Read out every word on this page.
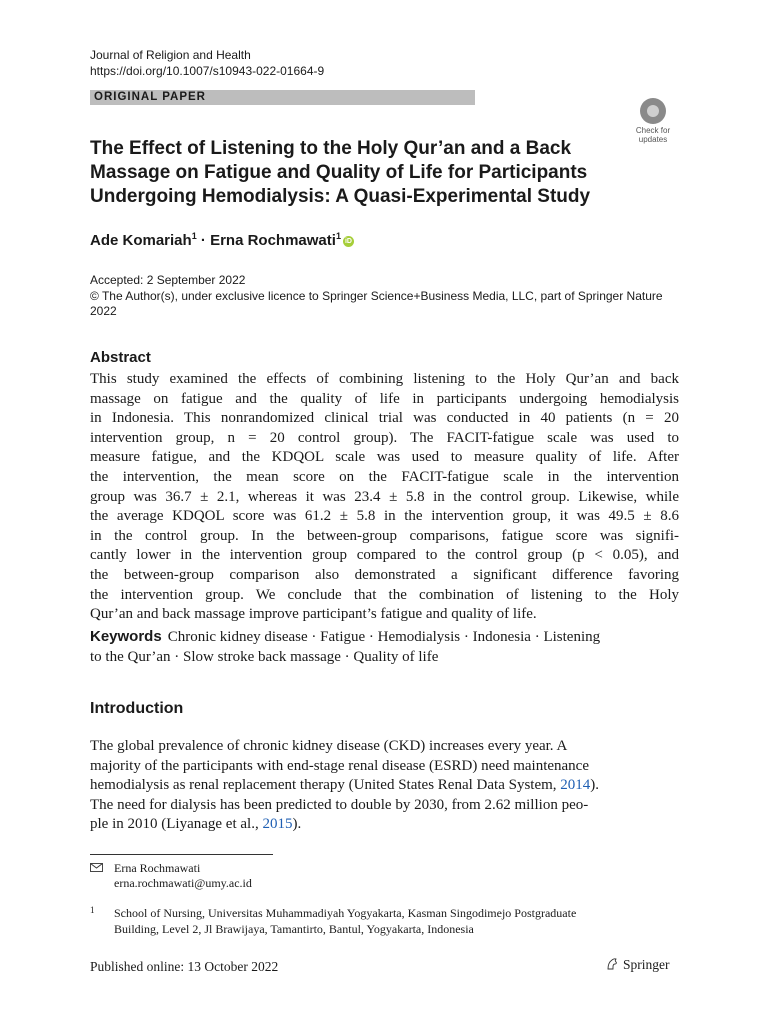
Journal of Religion and Health
https://doi.org/10.1007/s10943-022-01664-9
ORIGINAL PAPER
Check for
updates
The Effect of Listening to the Holy Qur’an and a Back
Massage on Fatigue and Quality of Life for Participants
Undergoing Hemodialysis: A Quasi-Experimental Study
Ade Komariah$^1$ · Erna Rochmawati$^1$iD
Accepted: 2 September 2022
© The Author(s), under exclusive licence to Springer Science+Business Media, LLC, part of Springer Nature
2022
Abstract
This study examined the effects of combining listening to the Holy Qur’an and back
massage on fatigue and the quality of life in participants undergoing hemodialysis
in Indonesia. This nonrandomized clinical trial was conducted in 40 patients (n = 20
intervention group, n = 20 control group). The FACIT-fatigue scale was used to
measure fatigue, and the KDQOL scale was used to measure quality of life. After
the intervention, the mean score on the FACIT-fatigue scale in the intervention
group was 36.7 ± 2.1, whereas it was 23.4 ± 5.8 in the control group. Likewise, while
the average KDQOL score was 61.2 ± 5.8 in the intervention group, it was 49.5 ± 8.6
in the control group. In the between-group comparisons, fatigue score was signifi-
cantly lower in the intervention group compared to the control group (p < 0.05), and
the between-group comparison also demonstrated a significant difference favoring
the intervention group. We conclude that the combination of listening to the Holy
Qur’an and back massage improve participant’s fatigue and quality of life.
Keywords Chronic kidney disease · Fatigue · Hemodialysis · Indonesia · Listening
to the Qur’an · Slow stroke back massage · Quality of life
Introduction
The global prevalence of chronic kidney disease (CKD) increases every year. A
majority of the participants with end-stage renal disease (ESRD) need maintenance
hemodialysis as renal replacement therapy (United States Renal Data System, 2014).
The need for dialysis has been predicted to double by 2030, from 2.62 million peo-
ple in 2010 (Liyanage et al., 2015).
Erna Rochmawati
erna.rochmawati@umy.ac.id
1 School of Nursing, Universitas Muhammadiyah Yogyakarta, Kasman Singodimejo Postgraduate
Building, Level 2, Jl Brawijaya, Tamantirto, Bantul, Yogyakarta, Indonesia
Published online: 13 October 2022	Springer
